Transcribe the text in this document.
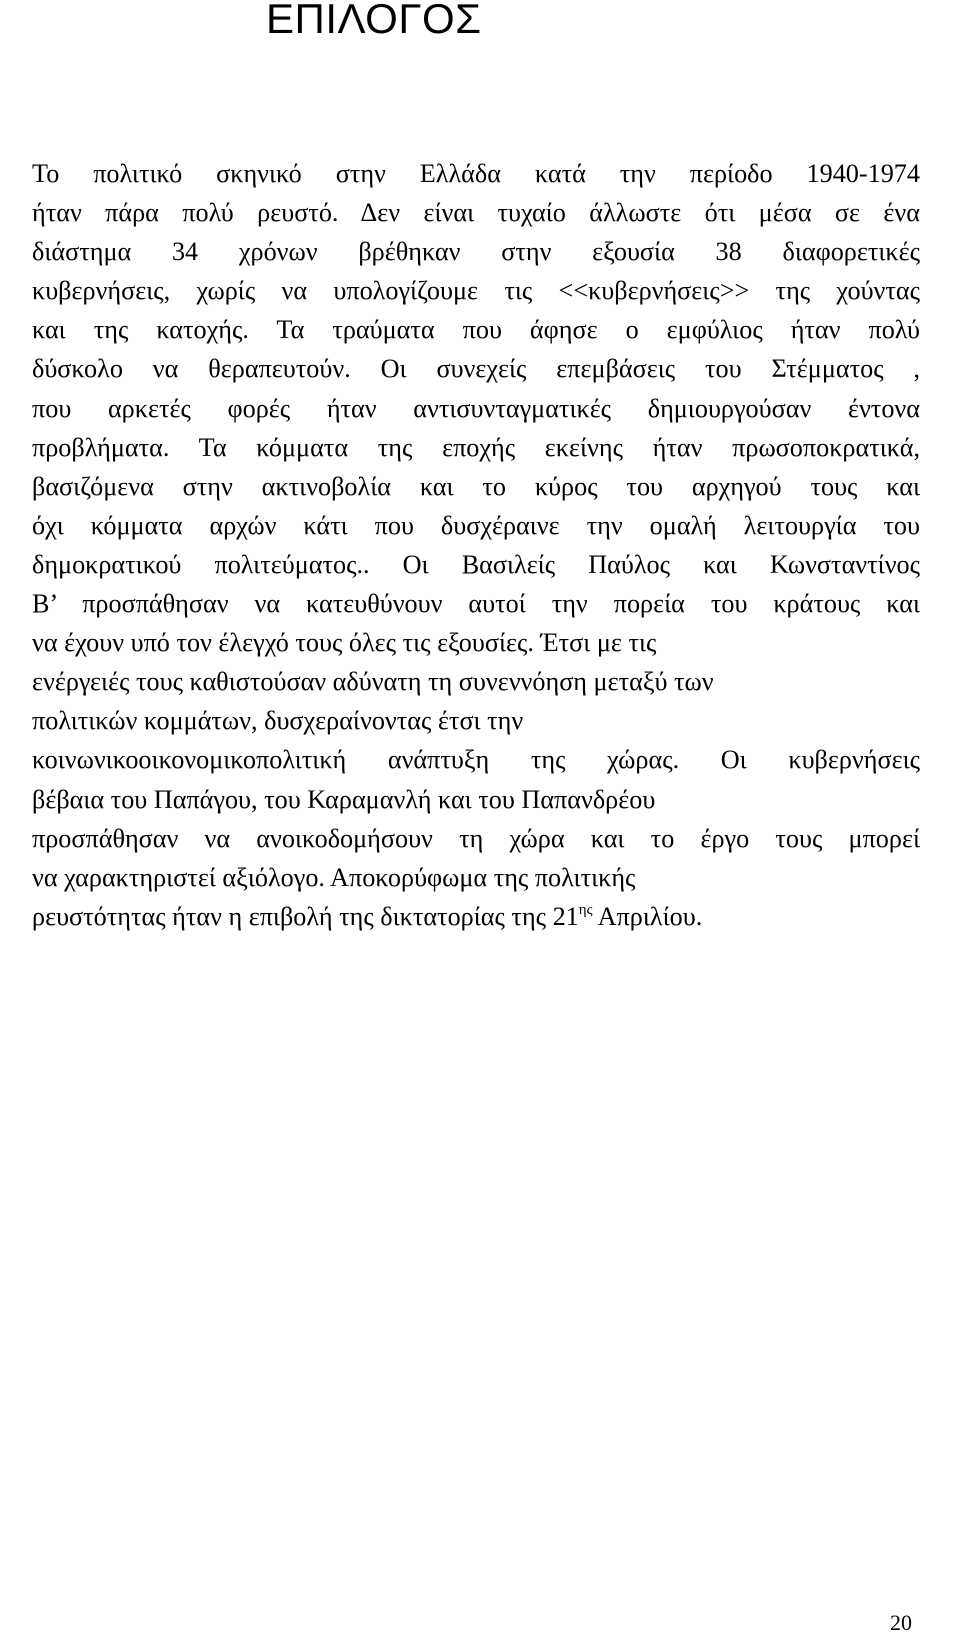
ΕΠΙΛΟΓΟΣ
Το πολιτικό σκηνικό στην Ελλάδα κατά την περίοδο 1940-1974
ήταν πάρα πολύ ρευστό. Δεν είναι τυχαίο άλλωστε ότι μέσα σε ένα
διάστημα 34 χρόνων βρέθηκαν στην εξουσία 38 διαφορετικές
κυβερνήσεις, χωρίς να υπολογίζουμε τις <<κυβερνήσεις>> της χούντας
και της κατοχής. Τα τραύματα που άφησε ο εμφύλιος ήταν πολύ
δύσκολο να θεραπευτούν. Οι συνεχείς επεμβάσεις του Στέμματος ,
που αρκετές φορές ήταν αντισυνταγματικές δημιουργούσαν έντονα
προβλήματα. Τα κόμματα της εποχής εκείνης ήταν πρωσοποκρατικά,
βασιζόμενα στην ακτινοβολία και το κύρος του αρχηγού τους και
όχι κόμματα αρχών κάτι που δυσχέραινε την ομαλή λειτουργία του
δημοκρατικού πολιτεύματος.. Οι Βασιλείς Παύλος και Κωνσταντίνος
Β’ προσπάθησαν να κατευθύνουν αυτοί την πορεία του κράτους και
να έχουν υπό τον έλεγχό τους όλες τις εξουσίες. Έτσι με τις
ενέργειές τους καθιστούσαν αδύνατη τη συνεννόηση μεταξύ των
πολιτικών κομμάτων, δυσχεραίνοντας έτσι την
κοινωνικοοικονομικοπολιτική ανάπτυξη της χώρας. Οι κυβερνήσεις
βέβαια του Παπάγου, του Καραμανλή και του Παπανδρέου
προσπάθησαν να ανοικοδομήσουν τη χώρα και το έργο τους μπορεί
να χαρακτηριστεί αξιόλογο. Αποκορύφωμα της πολιτικής
ρευστότητας ήταν η επιβολή της δικτατορίας της $21^{\eta\varsigma}$ Απριλίου.
20
